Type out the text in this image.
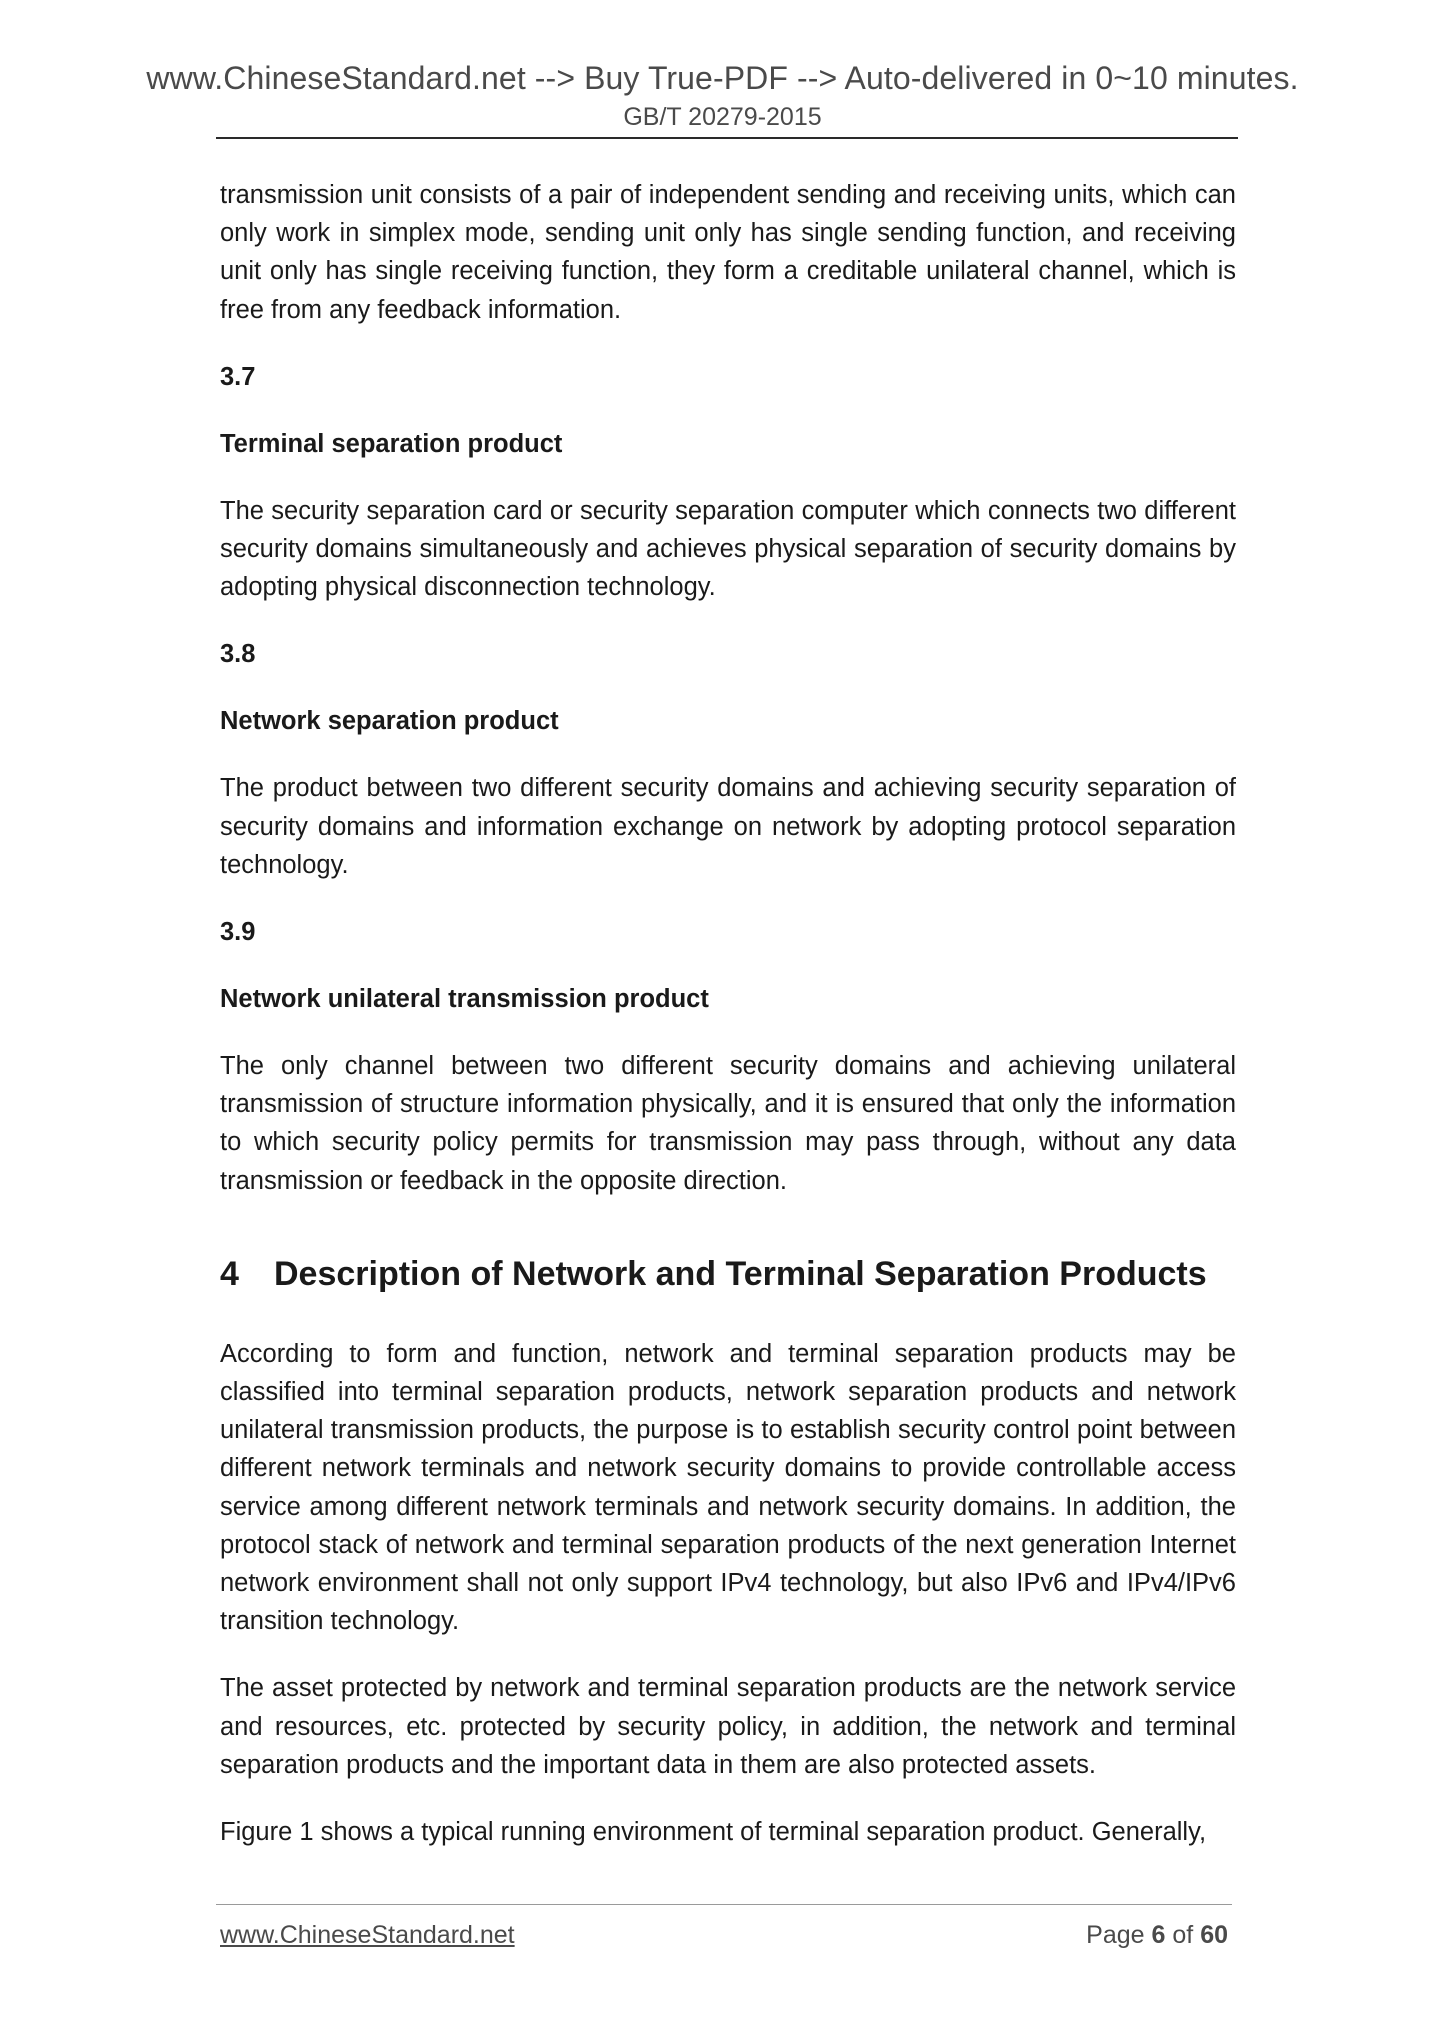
www.ChineseStandard.net --> Buy True-PDF --> Auto-delivered in 0~10 minutes.
GB/T 20279-2015

transmission unit consists of a pair of independent sending and receiving units, which can only work in simplex mode, sending unit only has single sending function, and receiving unit only has single receiving function, they form a creditable unilateral channel, which is free from any feedback information.

3.7
Terminal separation product

The security separation card or security separation computer which connects two different security domains simultaneously and achieves physical separation of security domains by adopting physical disconnection technology.

3.8
Network separation product

The product between two different security domains and achieving security separation of security domains and information exchange on network by adopting protocol separation technology.

3.9
Network unilateral transmission product

The only channel between two different security domains and achieving unilateral transmission of structure information physically, and it is ensured that only the information to which security policy permits for transmission may pass through, without any data transmission or feedback in the opposite direction.

4	Description of Network and Terminal Separation Products

According to form and function, network and terminal separation products may be classified into terminal separation products, network separation products and network unilateral transmission products, the purpose is to establish security control point between different network terminals and network security domains to provide controllable access service among different network terminals and network security domains. In addition, the protocol stack of network and terminal separation products of the next generation Internet network environment shall not only support IPv4 technology, but also IPv6 and IPv4/IPv6 transition technology.

The asset protected by network and terminal separation products are the network service and resources, etc. protected by security policy, in addition, the network and terminal separation products and the important data in them are also protected assets.

Figure 1 shows a typical running environment of terminal separation product. Generally,

www.ChineseStandard.net	Page 6 of 60
